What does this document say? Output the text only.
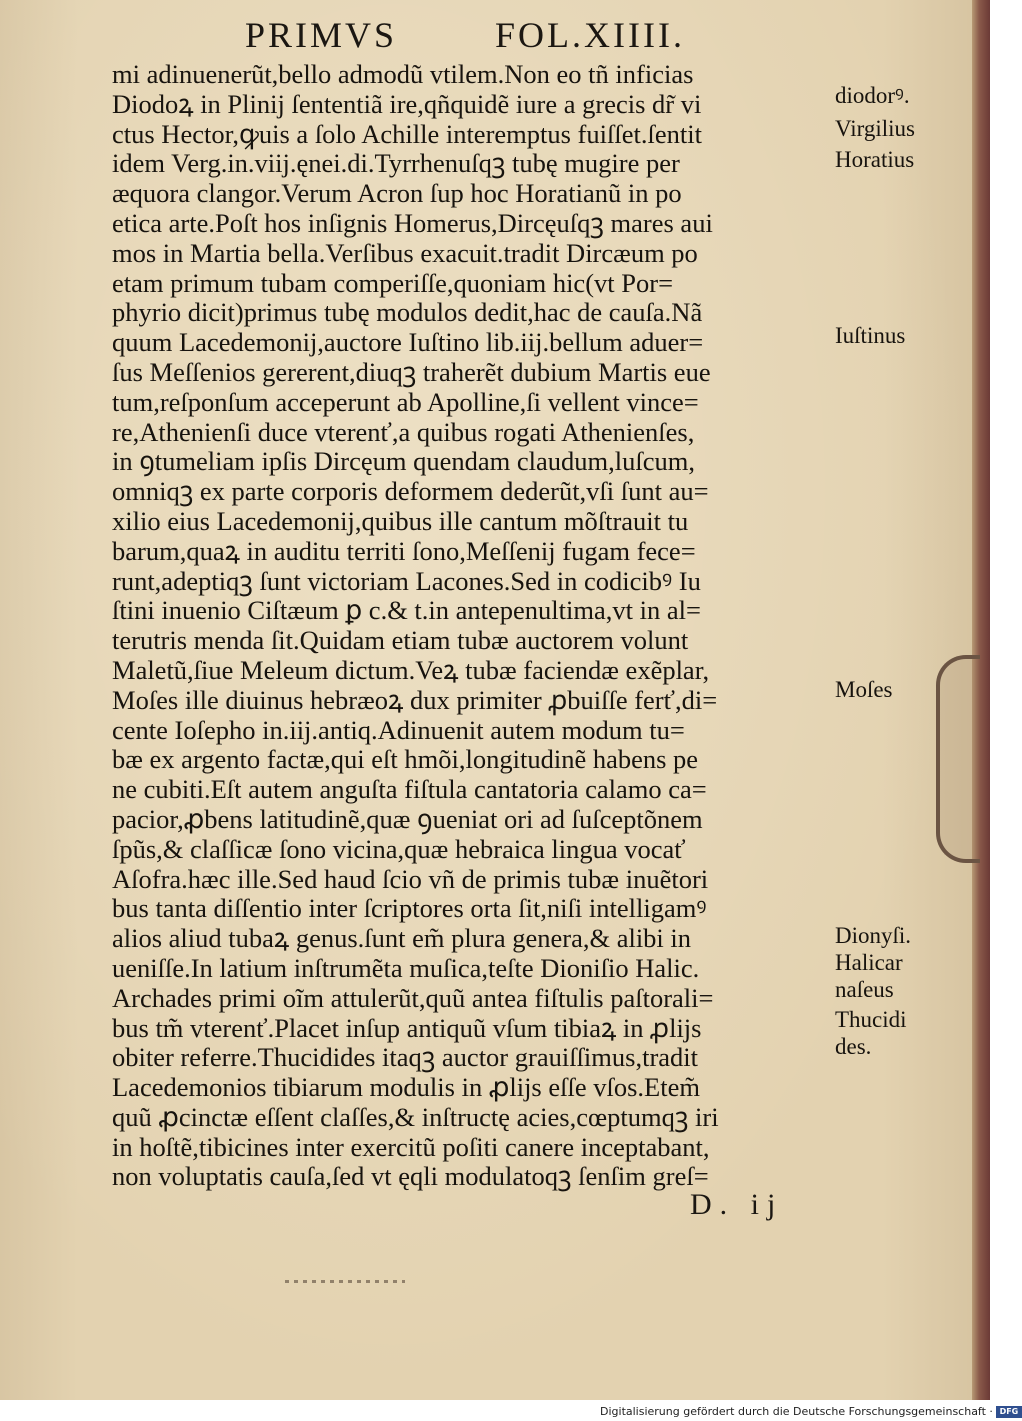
PRIMVS	FOL.XIIII.
mi adinuenerũt,bello admodũ vtilem.Non eo tñ inficias
Diodoꝝ in Plinij ſententiã ire,qñquidẽ iure a grecis dr̃ vi
ctus Hector,ꝙuis a ſolo Achille interemptus fuiſſet.ſentit
idem Verg.in.viij.ęnei.di.Tyrrhenuſqꝫ tubę mugire per
æquora clangor.Verum Acron ſup hoc Horatianũ in po
etica arte.Poſt hos inſignis Homerus,Dircęuſqꝫ mares aui
mos in Martia bella.Verſibus exacuit.tradit Dircæum po
etam primum tubam comperiſſe,quoniam hic(vt Por=
phyrio dicit)primus tubę modulos dedit,hac de cauſa.Nã
quum Lacedemonij,auctore Iuſtino lib.iij.bellum aduer=
ſus Meſſenios gererent,diuqꝫ traherẽt dubium Martis eue
tum,reſponſum acceperunt ab Apolline,ſi vellent vince=
re,Athenienſi duce vterenť,a quibus rogati Athenienſes,
in ꝯtumeliam ipſis Dircęum quendam claudum,luſcum,
omniqꝫ ex parte corporis deformem dederũt,vſi ſunt au=
xilio eius Lacedemonij,quibus ille cantum mõſtrauit tu
barum,quaꝝ in auditu territi ſono,Meſſenij fugam fece=
runt,adeptiqꝫ ſunt victoriam Lacones.Sed in codicibꝰ Iu
ſtini inuenio Ciſtæum ꝑ c.& t.in antepenultima,vt in al=
terutris menda ſit.Quidam etiam tubæ auctorem volunt
Maletũ,ſiue Meleum dictum.Veꝝ tubæ faciendæ exẽplar,
Moſes ille diuinus hebræoꝝ dux primiter ꝓbuiſſe ferť,di=
cente Ioſepho in.iij.antiq.Adinuenit autem modum tu=
bæ ex argento factæ,qui eſt hmõi,longitudinẽ habens pe
ne cubiti.Eſt autem anguſta fiſtula cantatoria calamo ca=
pacior,ꝓbens latitudinẽ,quæ ꝯueniat ori ad ſuſceptõnem
ſpũs,& claſſicæ ſono vicina,quæ hebraica lingua vocať
Aſofra.hæc ille.Sed haud ſcio vñ de primis tubæ inuẽtori
bus tanta diſſentio inter ſcriptores orta ſit,niſi intelligamꝰ
alios aliud tubaꝝ genus.ſunt em̃ plura genera,& alibi in
ueniſſe.In latium inſtrumẽta muſica,teſte Dioniſio Halic.
Archades primi oĩm attulerũt,quũ antea fiſtulis paſtorali=
bus tm̃ vterenť.Placet inſup antiquũ vſum tibiaꝝ in ꝓlijs
obiter referre.Thucidides itaqꝫ auctor grauiſſimus,tradit
Lacedemonios tibiarum modulis in ꝓlijs eſſe vſos.Etem̃
quũ ꝓcinctæ eſſent claſſes,& inſtructę acies,cœptumqꝫ iri
in hoſtẽ,tibicines inter exercitũ poſiti canere inceptabant,
non voluptatis cauſa,ſed vt ęqli modulatoqꝫ ſenſim greſ=
diodorꝰ.
Virgilius
Horatius
Iuſtinus
Moſes
Dionyſi.
Halicar
naſeus
Thucidi
des.
D. ij
Digitalisierung gefördert durch die Deutsche Forschungsgemeinschaft · DFG
